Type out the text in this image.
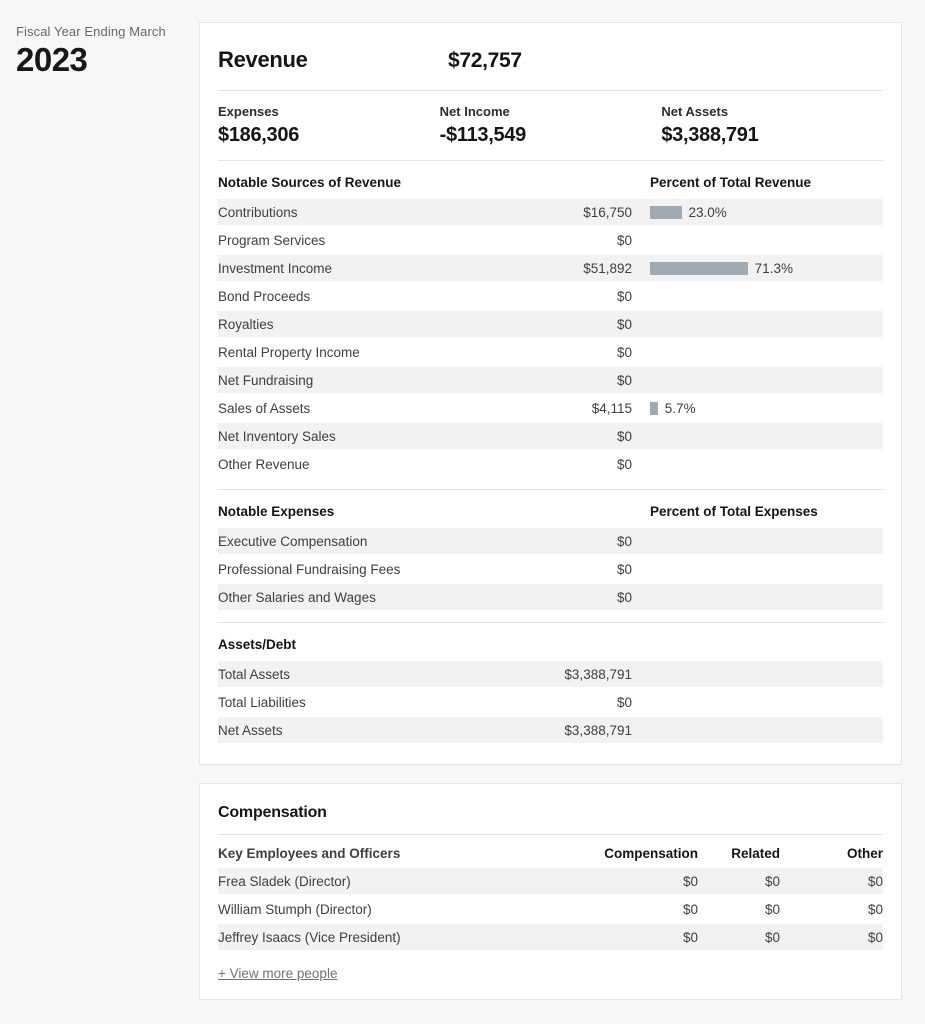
Fiscal Year Ending March
2023	Revenue	$72,757
Expenses
$186,306
Net Income
-$113,549
Net Assets
$3,388,791
Notable Sources of Revenue	Percent of Total Revenue
Contributions	$16,750	23.0%
Program Services	$0
Investment Income	$51,892	71.3%
Bond Proceeds	$0
Royalties	$0
Rental Property Income	$0
Net Fundraising	$0
Sales of Assets	$4,115 5.7%
Net Inventory Sales	$0
Other Revenue	$0
Notable Expenses	Percent of Total Expenses
Executive Compensation	$0
Professional Fundraising Fees	$0
Other Salaries and Wages	$0
Assets/Debt
Total Assets	$3,388,791
Total Liabilities	$0
Net Assets	$3,388,791
Compensation
Key Employees and Officers	Compensation	Related	Other
Frea Sladek (Director)	$0	$0	$0
William Stumph (Director)	$0	$0	$0
Jeffrey Isaacs (Vice President)	$0	$0	$0
+ View more people
